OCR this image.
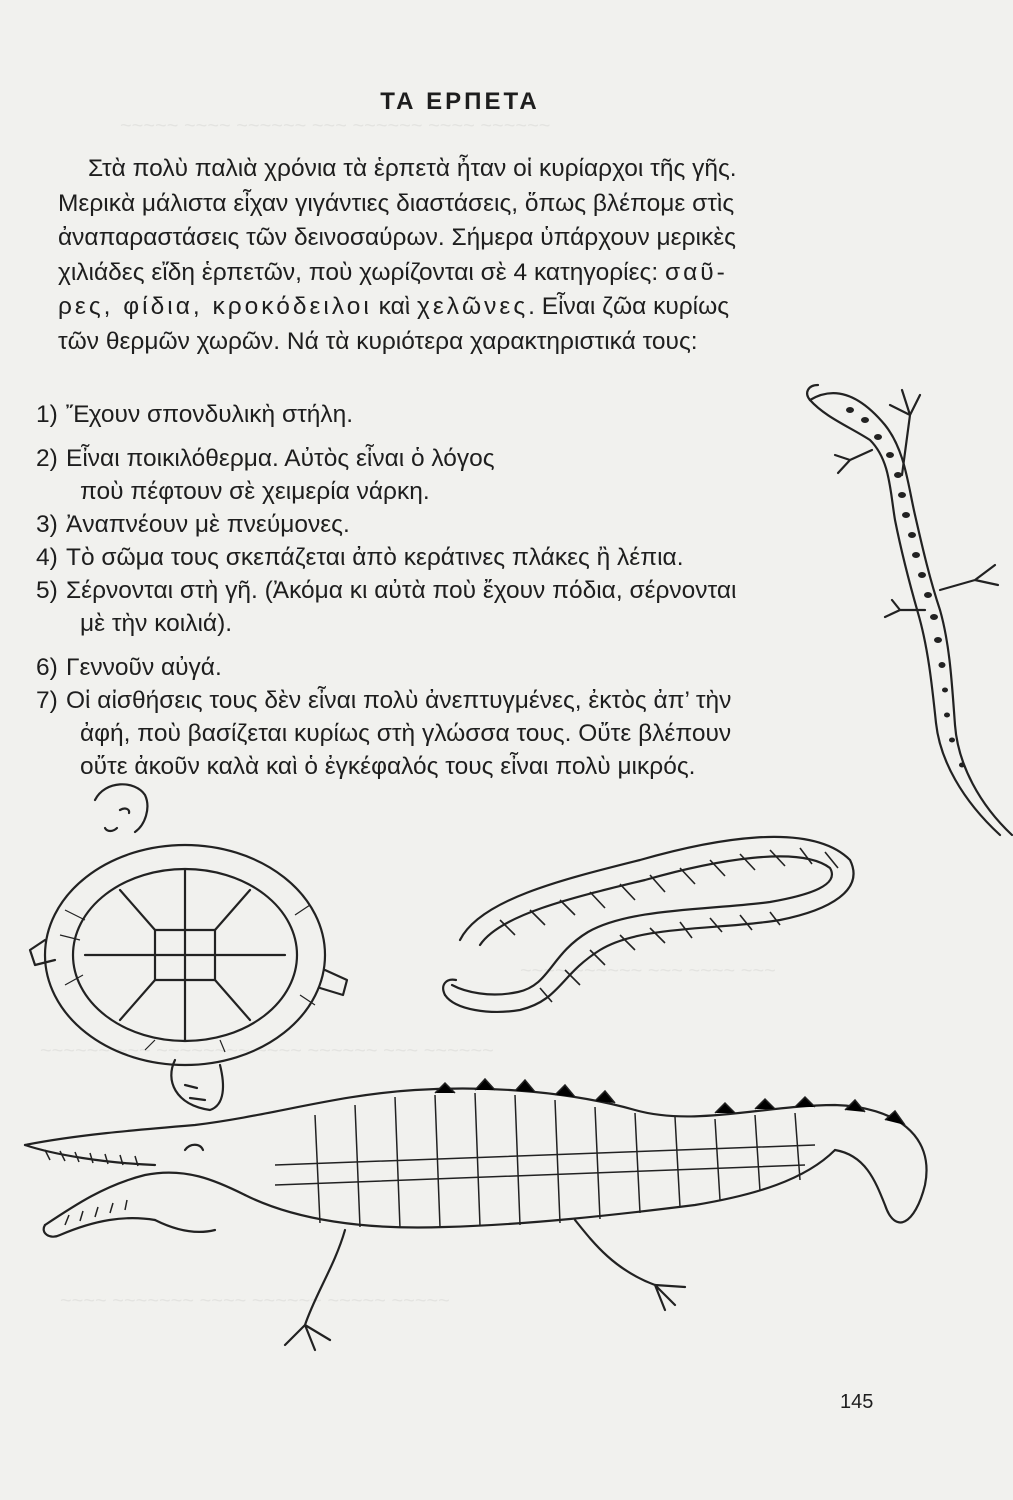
~~~~~ ~~~~ ~~~~~~ ~~~ ~~~~~~ ~~~~ ~~~~~~
~~~~ ~~~~~~ ~~~ ~~~~ ~~~
~~~~~~ ~~~ ~~~~~~~~ ~~~~ ~~~~~~ ~~~ ~~~~~~
~~~~ ~~~~~~~ ~~~~ ~~~~~~ ~~~~~ ~~~~~
ΤΑ ΕΡΠΕΤΑ
Στὰ πολὺ παλιὰ χρόνια τὰ ἑρπετὰ ἦταν οἱ κυρίαρχοι τῆς γῆς.
Μερικὰ μάλιστα εἶχαν γιγάντιες διαστάσεις, ὅπως βλέπομε στὶς
ἀναπαραστάσεις τῶν δεινοσαύρων. Σήμερα ὑπάρχουν μερικὲς
χιλιάδες εἴδη ἑρπετῶν, ποὺ χωρίζονται σὲ 4 κατηγορίες: σαῦ-
ρες, φίδια, κροκόδειλοι καὶ χελῶνες. Εἶναι ζῶα κυρίως
τῶν θερμῶν χωρῶν. Νά τὰ κυριότερα χαρακτηριστικά τους:
1) Ἔχουν σπονδυλικὴ στήλη.
2) Εἶναι ποικιλόθερμα. Αὐτὸς εἶναι ὁ λόγος
ποὺ πέφτουν σὲ χειμερία νάρκη.
3) Ἀναπνέουν μὲ πνεύμονες.
4) Τὸ σῶμα τους σκεπάζεται ἀπὸ κεράτινες πλάκες ἢ λέπια.
5) Σέρνονται στὴ γῆ. (Ἀκόμα κι αὐτὰ ποὺ ἔχουν πόδια, σέρνονται
μὲ τὴν κοιλιά).
6) Γεννοῦν αὐγά.
7) Οἱ αἰσθήσεις τους δὲν εἶναι πολὺ ἀνεπτυγμένες, ἐκτὸς ἀπ’ τὴν
ἀφή, ποὺ βασίζεται κυρίως στὴ γλώσσα τους. Οὔτε βλέπουν
οὔτε ἀκοῦν καλὰ καὶ ὁ ἐγκέφαλός τους εἶναι πολὺ μικρός.
145
